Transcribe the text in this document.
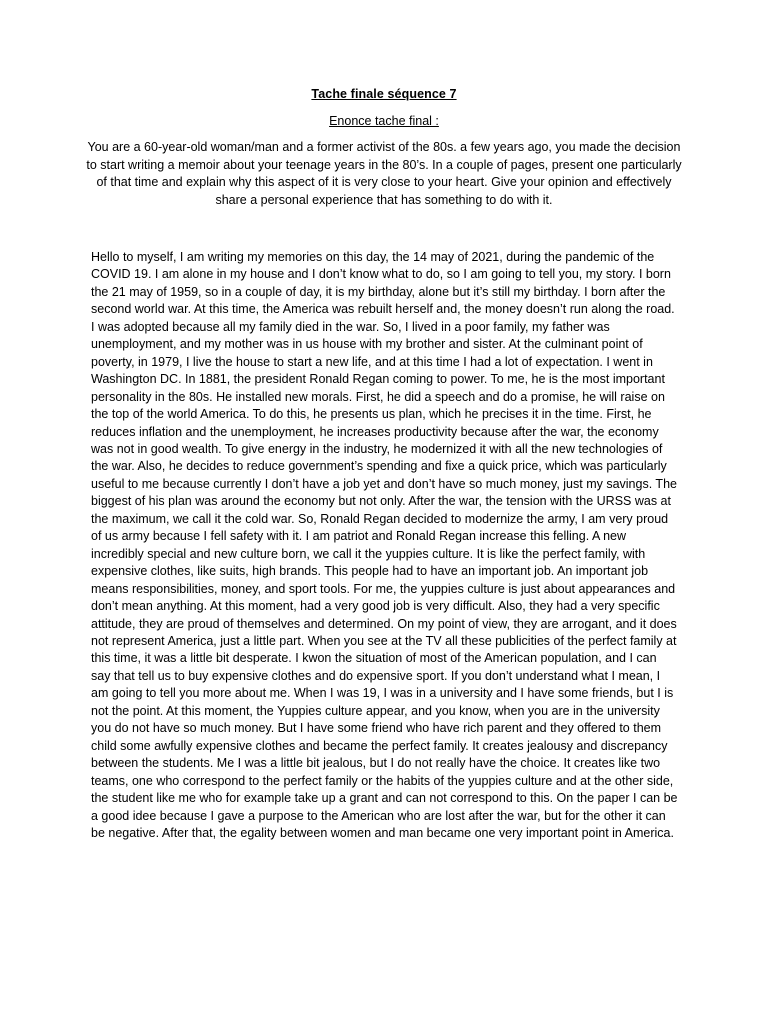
Tache finale séquence 7
Enonce tache final :
You are a 60-year-old woman/man and a former activist of the 80s. a few years ago, you made the decision to start writing a memoir about your teenage years in the 80’s. In a couple of pages, present one particularly of that time and explain why this aspect of it is very close to your heart. Give your opinion and effectively share a personal experience that has something to do with it.
Hello to myself, I am writing my memories on this day, the 14 may of 2021, during the pandemic of the COVID 19. I am alone in my house and I don’t know what to do, so I am going to tell you, my story. I born the 21 may of 1959, so in a couple of day, it is my birthday, alone but it’s still my birthday. I born after the second world war. At this time, the America was rebuilt herself and, the money doesn’t run along the road. I was adopted because all my family died in the war. So, I lived in a poor family, my father was unemployment, and my mother was in us house with my brother and sister. At the culminant point of poverty, in 1979, I live the house to start a new life, and at this time I had a lot of expectation. I went in Washington DC. In 1881, the president Ronald Regan coming to power. To me, he is the most important personality in the 80s. He installed new morals. First, he did a speech and do a promise, he will raise on the top of the world America. To do this, he presents us plan, which he precises it in the time. First, he reduces inflation and the unemployment, he increases productivity because after the war, the economy was not in good wealth. To give energy in the industry, he modernized it with all the new technologies of the war. Also, he decides to reduce government’s spending and fixe a quick price, which was particularly useful to me because currently I don’t have a job yet and don’t have so much money, just my savings. The biggest of his plan was around the economy but not only. After the war, the tension with the URSS was at the maximum, we call it the cold war. So, Ronald Regan decided to modernize the army, I am very proud of us army because I fell safety with it. I am patriot and Ronald Regan increase this felling. A new incredibly special and new culture born, we call it the yuppies culture. It is like the perfect family, with expensive clothes, like suits, high brands. This people had to have an important job. An important job means responsibilities, money, and sport tools. For me, the yuppies culture is just about appearances and don’t mean anything. At this moment, had a very good job is very difficult. Also, they had a very specific attitude, they are proud of themselves and determined. On my point of view, they are arrogant, and it does not represent America, just a little part. When you see at the TV all these publicities of the perfect family at this time, it was a little bit desperate. I kwon the situation of most of the American population, and I can say that tell us to buy expensive clothes and do expensive sport. If you don’t understand what I mean, I am going to tell you more about me. When I was 19, I was in a university and I have some friends, but I is not the point. At this moment, the Yuppies culture appear, and you know, when you are in the university you do not have so much money. But I have some friend who have rich parent and they offered to them child some awfully expensive clothes and became the perfect family. It creates jealousy and discrepancy between the students. Me I was a little bit jealous, but I do not really have the choice. It creates like two teams, one who correspond to the perfect family or the habits of the yuppies culture and at the other side, the student like me who for example take up a grant and can not correspond to this. On the paper I can be a good idee because I gave a purpose to the American who are lost after the war, but for the other it can be negative. After that, the egality between women and man became one very important point in America.
